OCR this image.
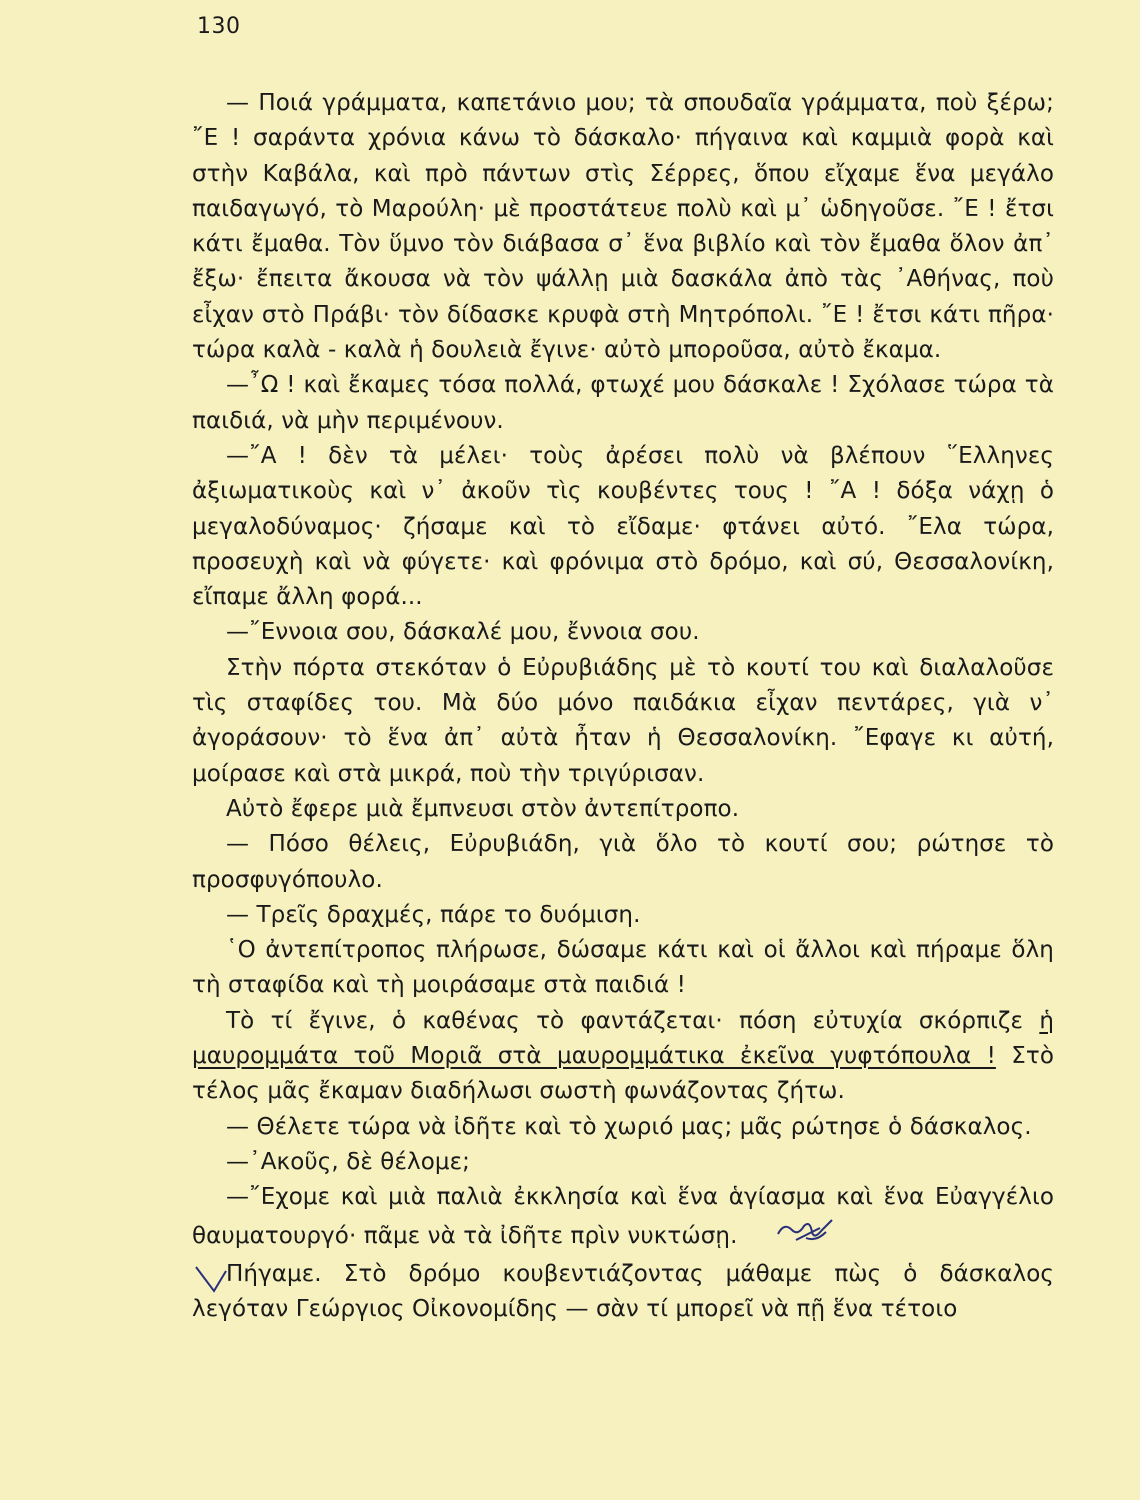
130

— Ποιά γράμματα, καπετάνιο μου; τὰ σπουδαῖα γράμματα, ποὺ ξέρω; ῎Ε ! σαράντα χρόνια κάνω τὸ δάσκαλο· πήγαινα καὶ καμμιὰ φορὰ καὶ στὴν Καβάλα, καὶ πρὸ πάντων στὶς Σέρρες, ὅπου εἴχαμε ἕνα μεγάλο παιδαγωγό, τὸ Μαρούλη· μὲ προστάτευε πολὺ καὶ μ᾽ ὡδηγοῦσε. ῎Ε ! ἔτσι κάτι ἔμαθα. Τὸν ὕμνο τὸν διάβασα σ᾽ ἕνα βιβλίο καὶ τὸν ἔμαθα ὅλον ἀπ᾽ ἔξω· ἔπειτα ἄκουσα νὰ τὸν ψάλλῃ μιὰ δασκάλα ἀπὸ τὰς ᾽Αθήνας, ποὺ εἶχαν στὸ Πράβι· τὸν δίδασκε κρυφὰ στὴ Μητρόπολι. ῎Ε ! ἔτσι κάτι πῆρα· τώρα καλὰ - καλὰ ἡ δουλειὰ ἔγινε· αὐτὸ μποροῦσα, αὐτὸ ἔκαμα.

—῏Ω ! καὶ ἔκαμες τόσα πολλά, φτωχέ μου δάσκαλε ! Σχόλασε τώρα τὰ παιδιά, νὰ μὴν περιμένουν.

—῎Α ! δὲν τὰ μέλει· τοὺς ἀρέσει πολὺ νὰ βλέπουν ῞Ελληνες ἀξιωματικοὺς καὶ ν᾽ ἀκοῦν τὶς κουβέντες τους ! ῎Α ! δόξα νάχῃ ὁ μεγαλοδύναμος· ζήσαμε καὶ τὸ εἴδαμε· φτάνει αὐτό. ῎Ελα τώρα, προσευχὴ καὶ νὰ φύγετε· καὶ φρόνιμα στὸ δρόμο, καὶ σύ, Θεσσαλονίκη, εἴπαμε ἄλλη φορά...

—῎Εννοια σου, δάσκαλέ μου, ἔννοια σου.

Στὴν πόρτα στεκόταν ὁ Εὐρυβιάδης μὲ τὸ κουτί του καὶ διαλαλοῦσε τὶς σταφίδες του. Μὰ δύο μόνο παιδάκια εἶχαν πεντάρες, γιὰ ν᾽ ἀγοράσουν· τὸ ἕνα ἀπ᾽ αὐτὰ ἦταν ἡ Θεσσαλονίκη. ῎Εφαγε κι αὐτή, μοίρασε καὶ στὰ μικρά, ποὺ τὴν τριγύρισαν.

Αὐτὸ ἔφερε μιὰ ἔμπνευσι στὸν ἀντεπίτροπο.

— Πόσο θέλεις, Εὐρυβιάδη, γιὰ ὅλο τὸ κουτί σου; ρώτησε τὸ προσφυγόπουλο.

— Τρεῖς δραχμές, πάρε το δυόμιση.

῾Ο ἀντεπίτροπος πλήρωσε, δώσαμε κάτι καὶ οἱ ἄλλοι καὶ πήραμε ὅλη τὴ σταφίδα καὶ τὴ μοιράσαμε στὰ παιδιά !

Τὸ τί ἔγινε, ὁ καθένας τὸ φαντάζεται· πόση εὐτυχία σκόρπιζε ἡ μαυρομμάτα τοῦ Μοριᾶ στὰ μαυρομμάτικα ἐκεῖνα γυφτόπουλα ! Στὸ τέλος μᾶς ἔκαμαν διαδήλωσι σωστὴ φωνάζοντας ζήτω.

— Θέλετε τώρα νὰ ἰδῆτε καὶ τὸ χωριό μας; μᾶς ρώτησε ὁ δάσκαλος.

—᾽Ακοῦς, δὲ θέλομε;

—῎Εχομε καὶ μιὰ παλιὰ ἐκκλησία καὶ ἕνα ἁγίασμα καὶ ἕνα Εὐαγγέλιο θαυματουργό· πᾶμε νὰ τὰ ἰδῆτε πρὶν νυκτώσῃ.

Πήγαμε. Στὸ δρόμο κουβεντιάζοντας μάθαμε πὼς ὁ δάσκαλος λεγόταν Γεώργιος Οἰκονομίδης — σὰν τί μπορεῖ νὰ πῇ ἕνα τέτοιο
